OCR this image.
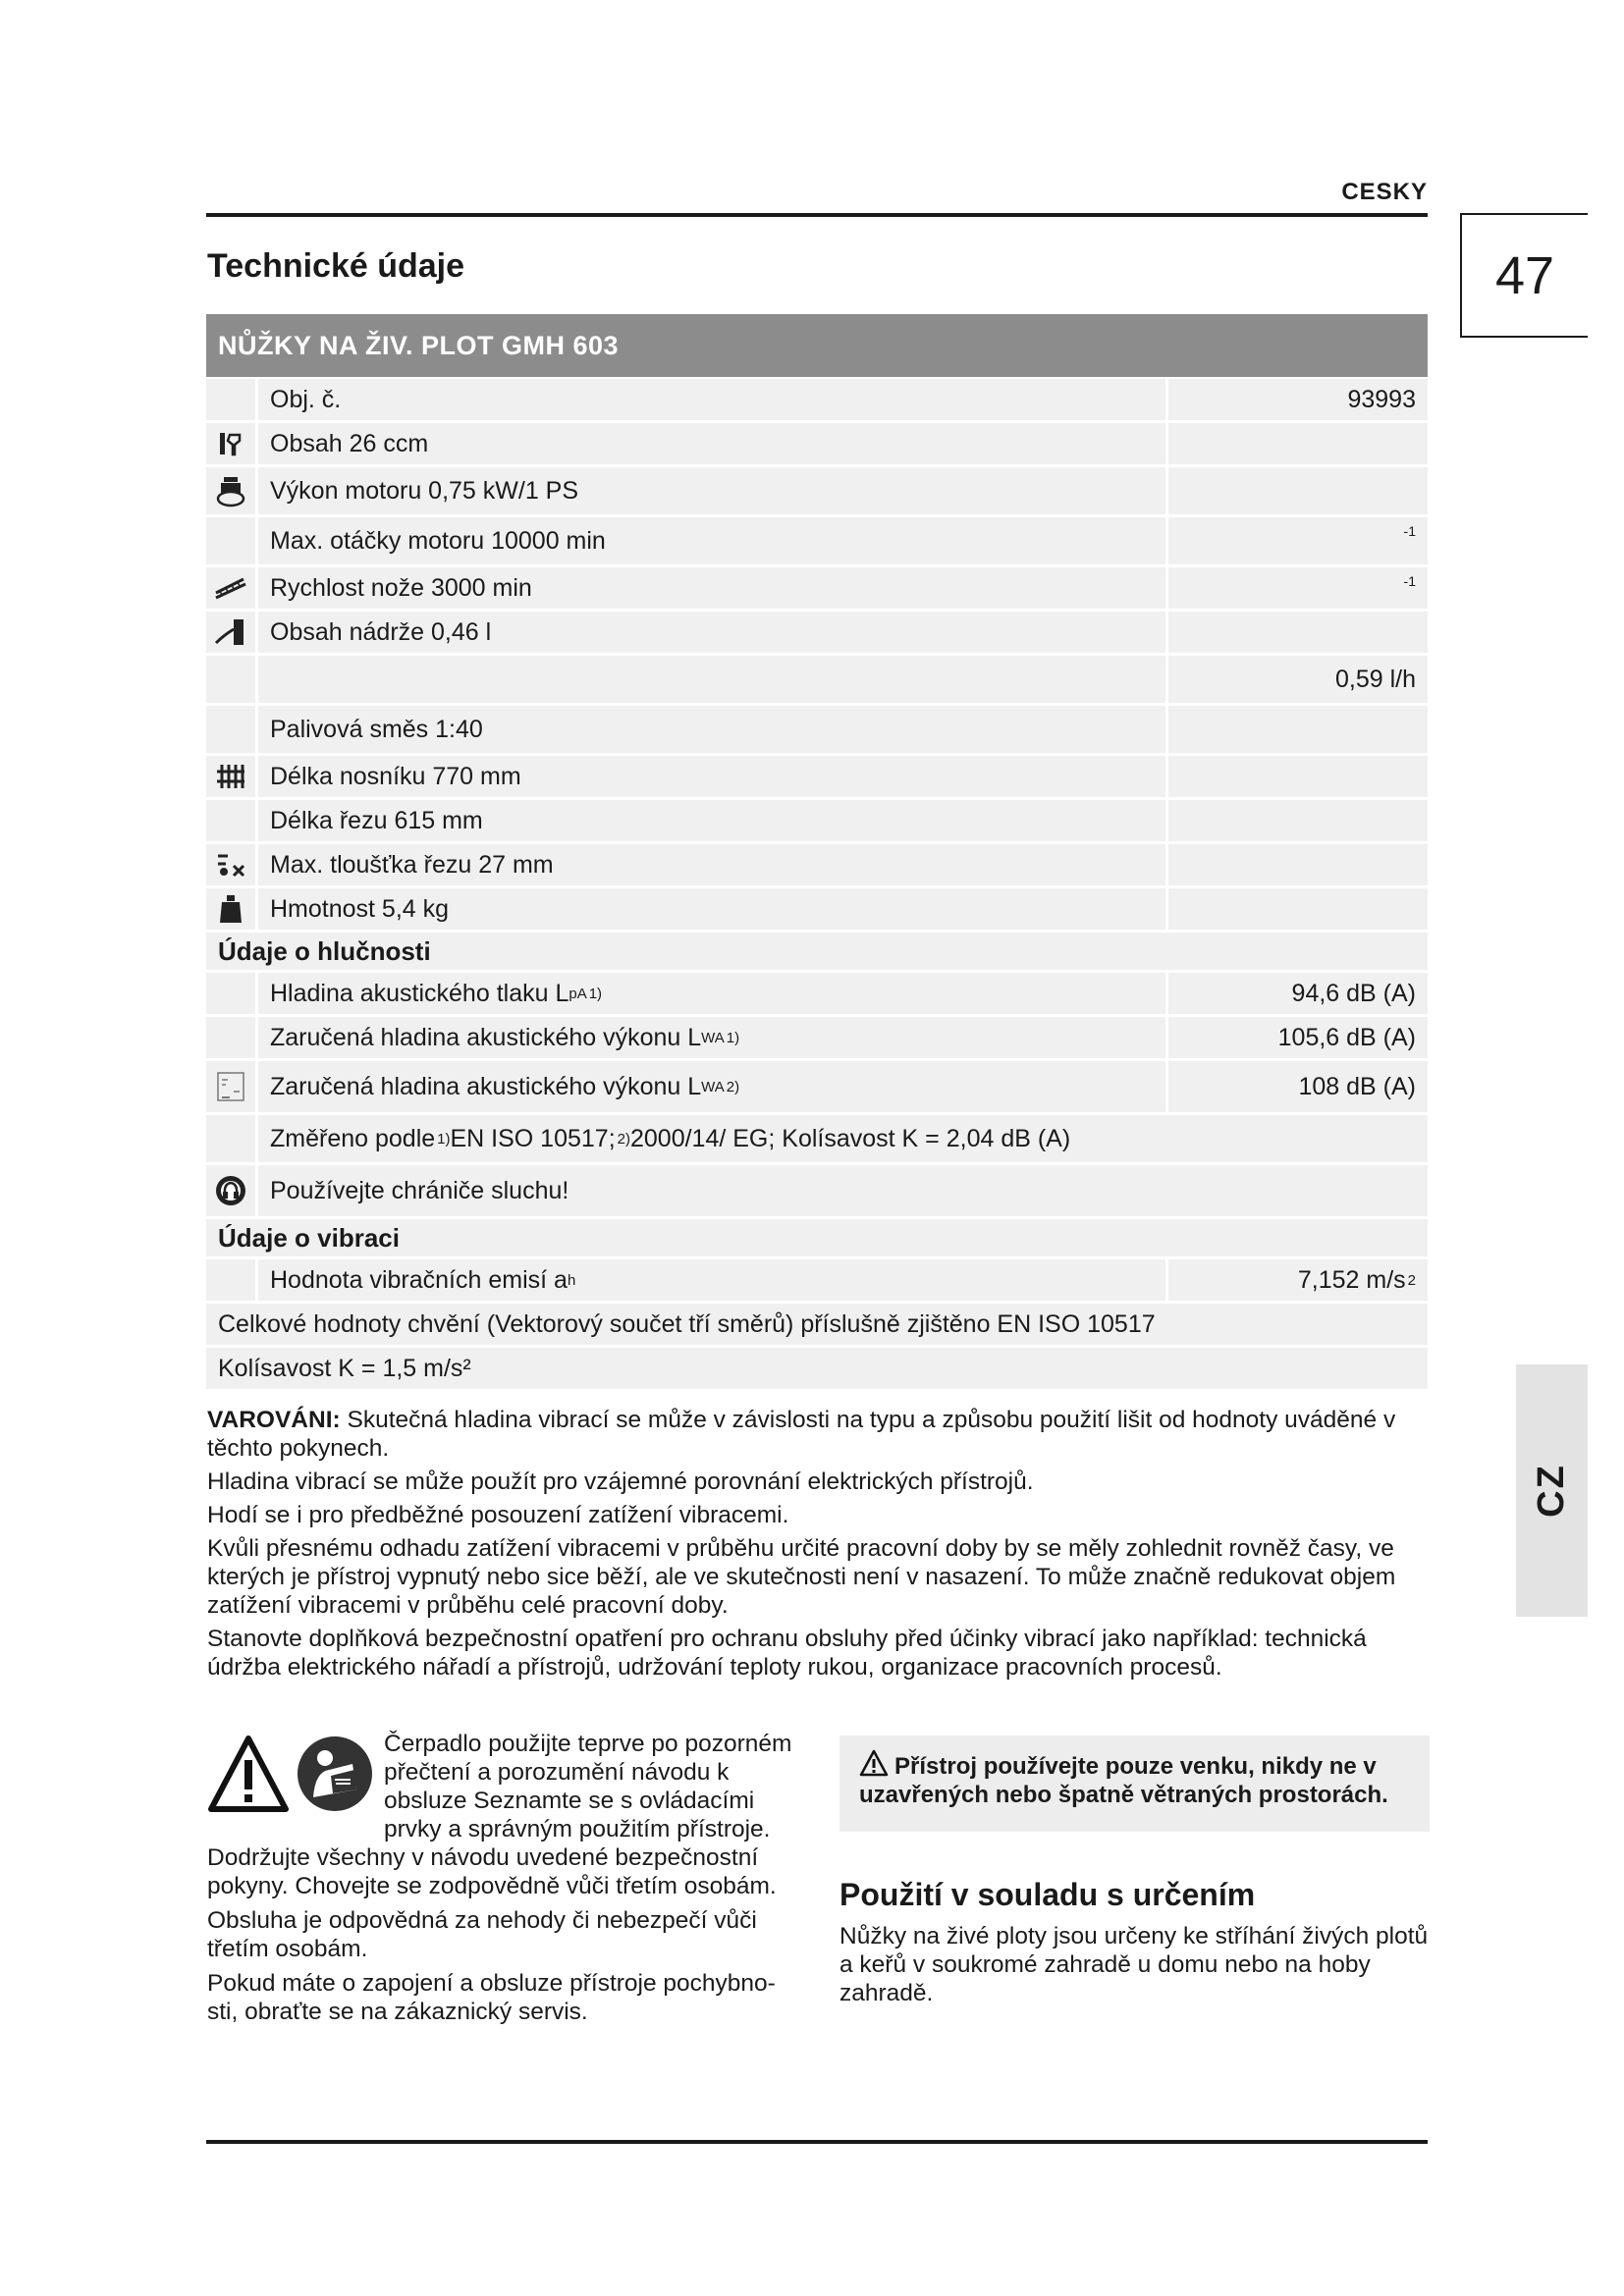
CESKY
47
CZ
Technické údaje
NŮŽKY NA ŽIV. PLOT GMH 603
Obj. č.	93993
Obsah 26 ccm
Výkon motoru 0,75 kW/1 PS
Max. otáčky motoru 10000 min	-1
Rychlost nože 3000 min	-1
Obsah nádrže 0,46 l
0,59 l/h
Palivová směs 1:40
Délka nosníku 770 mm
Délka řezu 615 mm
Max. tloušťka řezu 27 mm
Hmotnost 5,4 kg
Údaje o hlučnosti
Hladina akustického tlaku L pA 1)	94,6 dB (A)
Zaručená hladina akustického výkonu L WA 1)	105,6 dB (A)
Zaručená hladina akustického výkonu L WA 2)	108 dB (A)
Změřeno podle 1) EN ISO 10517; 2) 2000/14/ EG; Kolísavost K = 2,04 dB (A)
Používejte chrániče sluchu!
Údaje o vibraci
Hodnota vibračních emisí a h	7,152 m/s 2
Celkové hodnoty chvění (Vektorový součet tří směrů) příslušně zjištěno EN ISO 10517
Kolísavost K = 1,5 m/s²

VAROVÁNI: Skutečná hladina vibrací se může v závislosti na typu a způsobu použití lišit od hodnoty uváděné v těchto pokynech.

Hladina vibrací se může použít pro vzájemné porovnání elektrických přístrojů.

Hodí se i pro předběžné posouzení zatížení vibracemi.

Kvůli přesnému odhadu zatížení vibracemi v průběhu určité pracovní doby by se měly zohlednit rovněž časy, ve kterých je přístroj vypnutý nebo sice běží, ale ve skutečnosti není v nasazení. To může značně redukovat objem zatížení vibracemi v průběhu celé pracovní doby.

Stanovte doplňková bezpečnostní opatření pro ochranu obsluhy před účinky vibrací jako například: technická údržba elektrického nářadí a přístrojů, udržování teploty rukou, organizace pracovních procesů.

Čerpadlo použijte teprve po pozorném přečtení a porozumění návodu k obsluze Seznamte se s ovládacími prvky a správným použitím přístroje. Dodržujte všechny v návodu uvedené bezpečnostní pokyny. Chovejte se zodpovědně vůči třetím osobám.

Obsluha je odpovědná za nehody či nebezpečí vůči třetím osobám.

Pokud máte o zapojení a obsluze přístroje pochybno-sti, obraťte se na zákaznický servis.

Přístroj používejte pouze venku, nikdy ne v uzavřených nebo špatně větraných prostorách.
Použití v souladu s určením

Nůžky na živé ploty jsou určeny ke stříhání živých plotů a keřů v soukromé zahradě u domu nebo na hoby zahradě.
